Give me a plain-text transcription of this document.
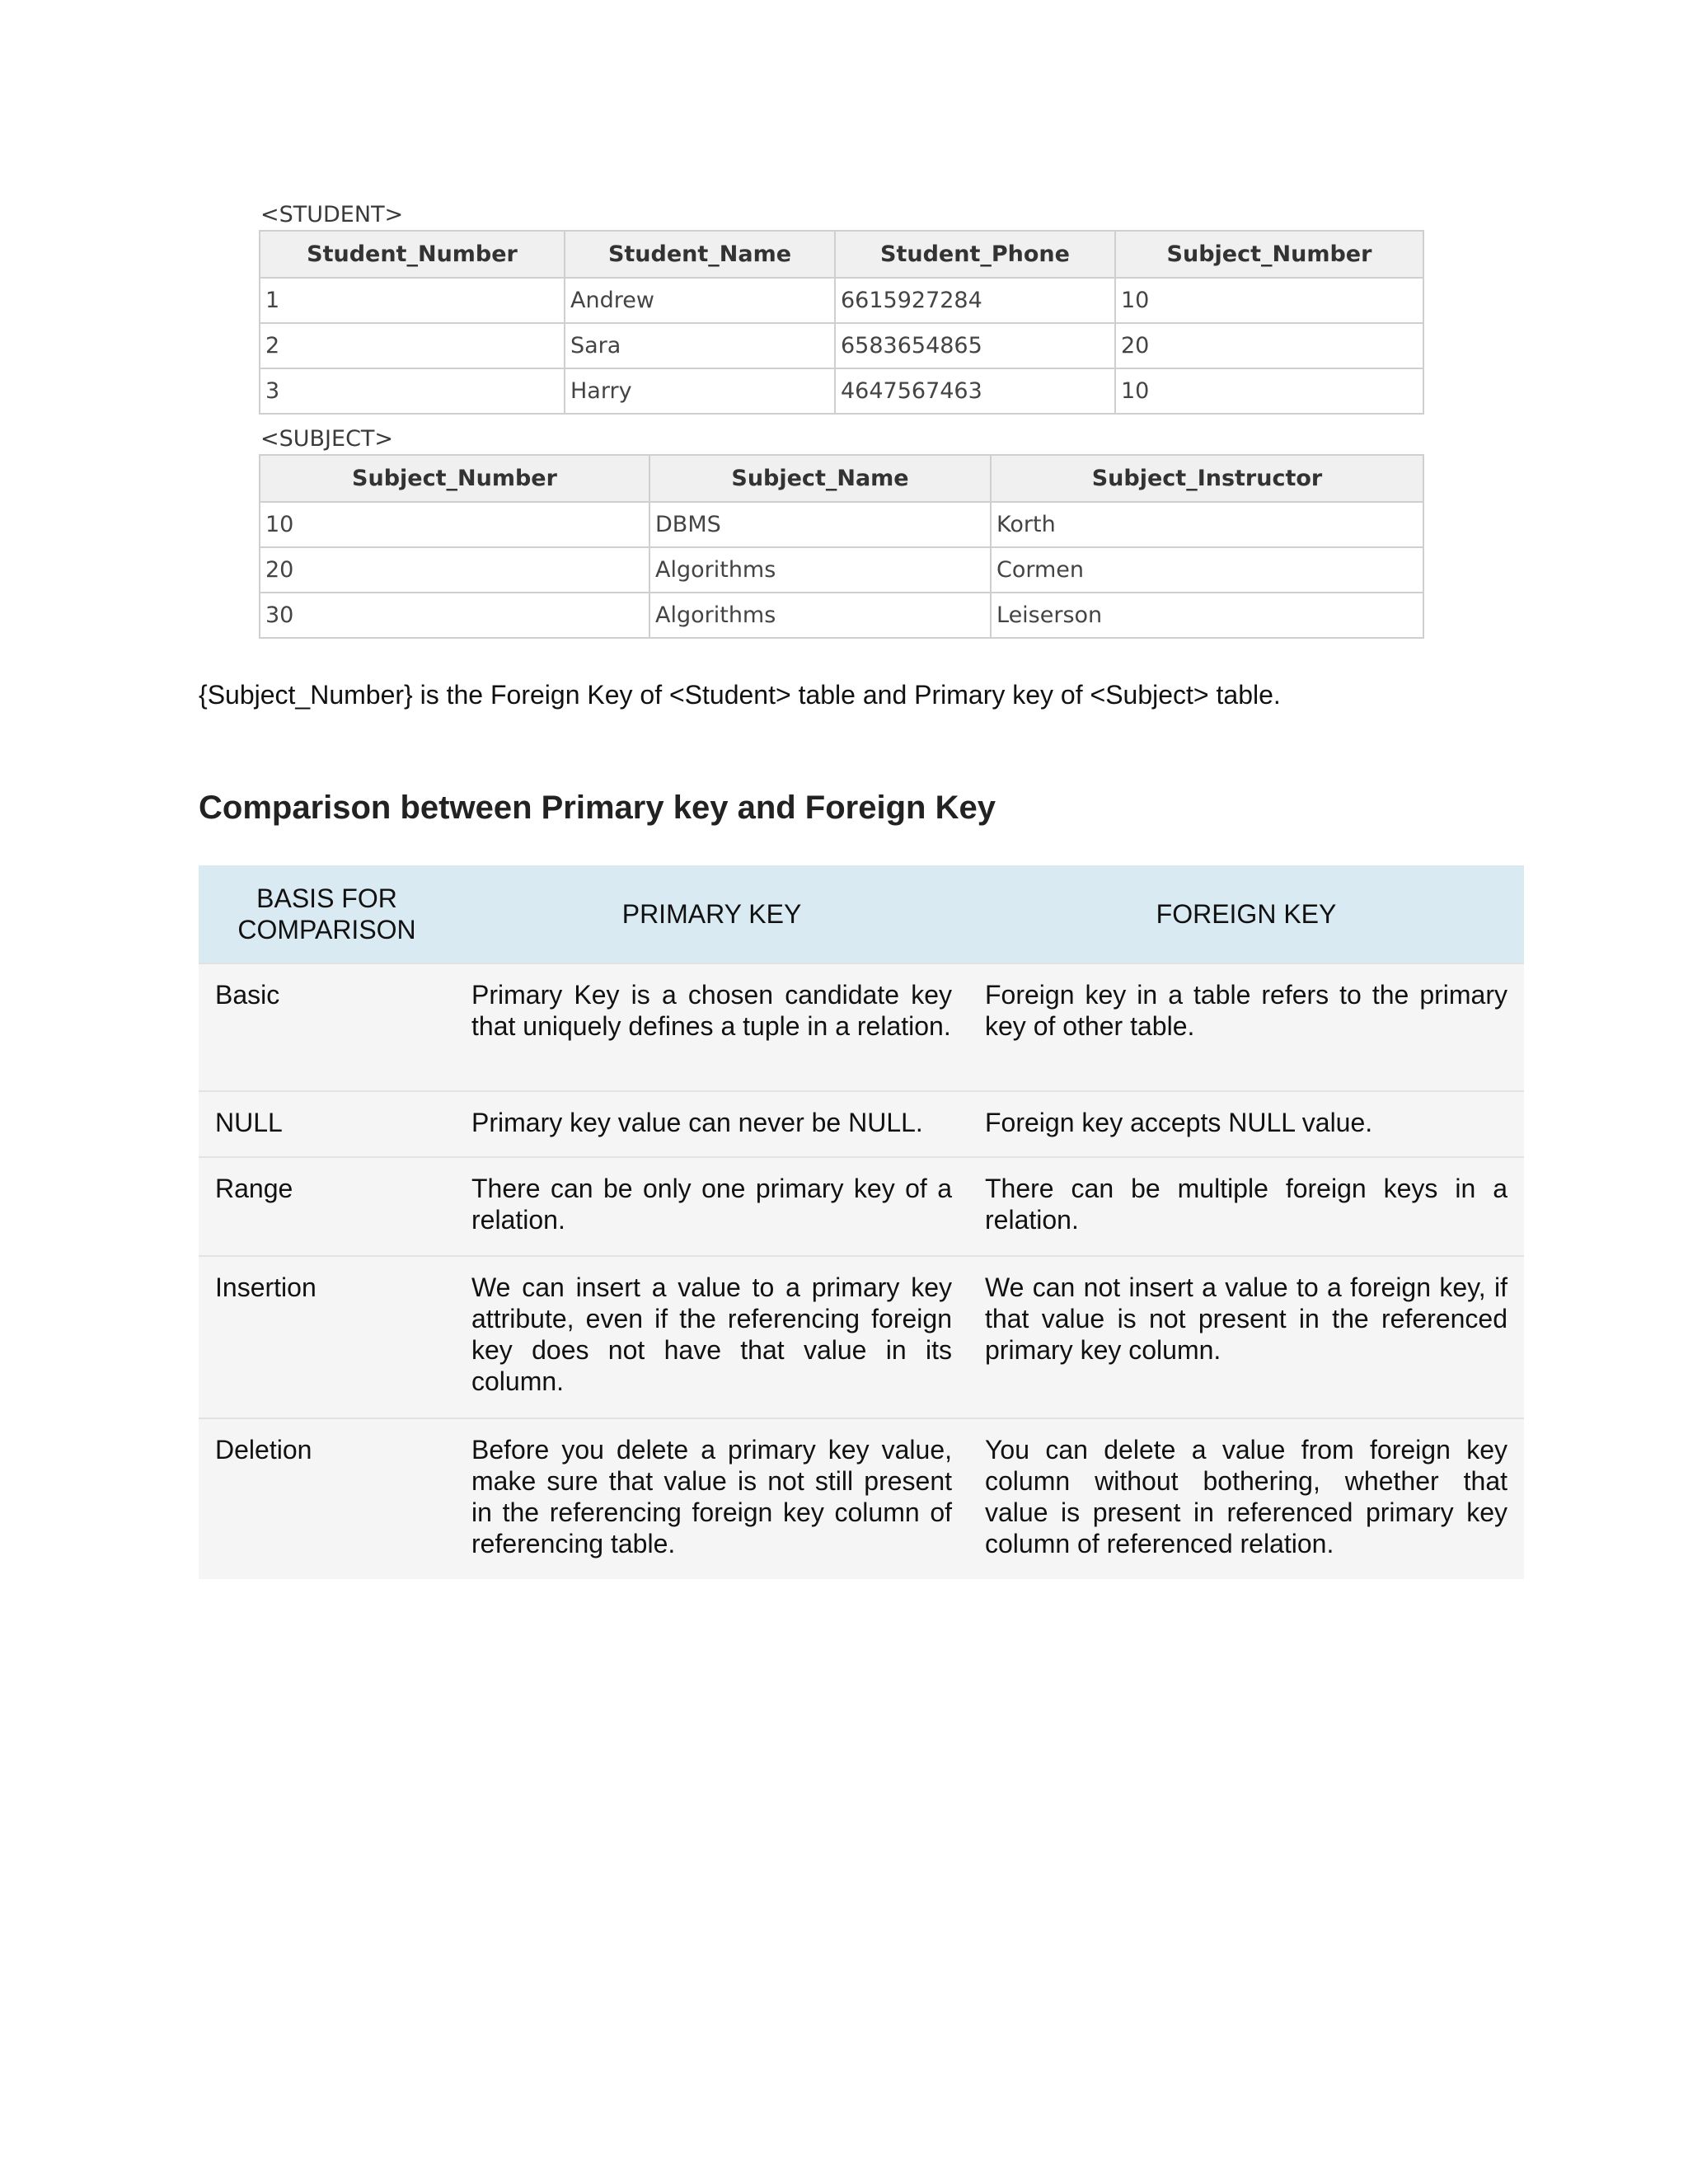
<STUDENT>
Student_Number	Student_Name	Student_Phone	Subject_Number
1	Andrew	6615927284	10
2	Sara	6583654865	20
3	Harry	4647567463	10
<SUBJECT>
Subject_Number	Subject_Name	Subject_Instructor
10	DBMS	Korth
20	Algorithms	Cormen
30	Algorithms	Leiserson

{Subject_Number} is the Foreign Key of <Student> table and Primary key of <Subject> table.

Comparison between Primary key and Foreign Key
BASIS FOR COMPARISON	PRIMARY KEY	FOREIGN KEY
Basic	Primary Key is a chosen candidate key that uniquely defines a tuple in a relation.	Foreign key in a table refers to the primary key of other table.
NULL	Primary key value can never be NULL.	Foreign key accepts NULL value.
Range	There can be only one primary key of a relation.	There can be multiple foreign keys in a relation.
Insertion	We can insert a value to a primary key attribute, even if the referencing foreign key does not have that value in its column.	We can not insert a value to a foreign key, if that value is not present in the referenced primary key column.
Deletion	Before you delete a primary key value, make sure that value is not still present in the referencing foreign key column of referencing table.	You can delete a value from foreign key column without bothering, whether that value is present in referenced primary key column of referenced relation.
